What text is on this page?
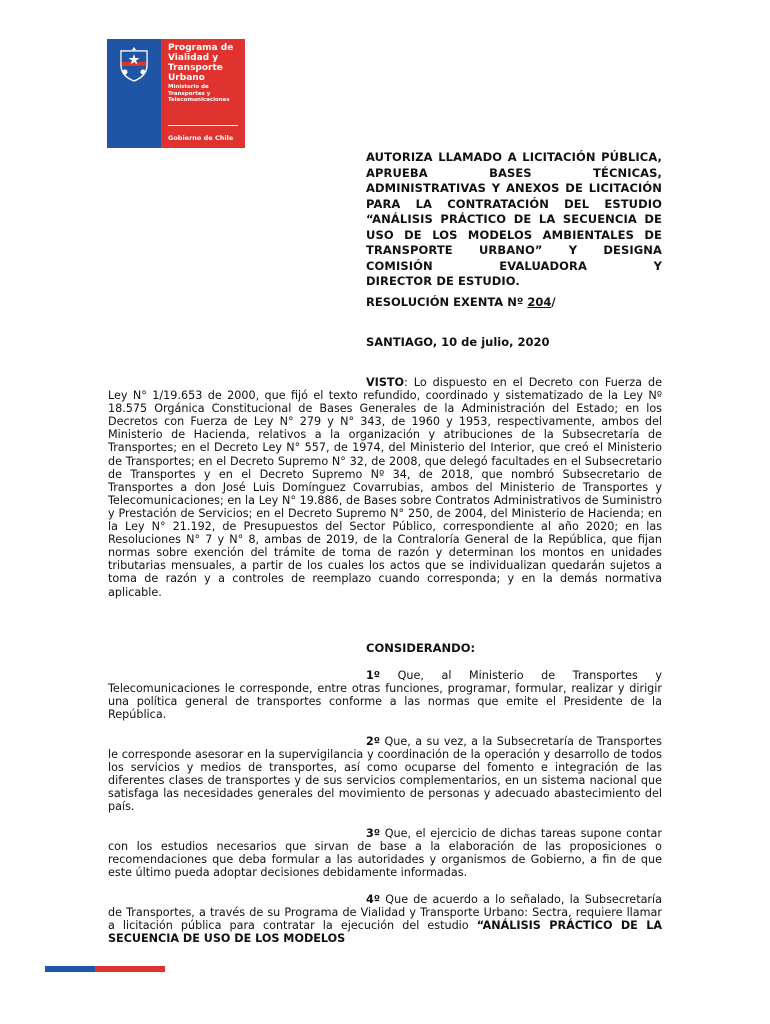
Programa de
Vialidad y
Transporte
Urbano
Ministerio de
Transportes y
Telecomunicaciones
Gobierno de Chile
AUTORIZA LLAMADO A LICITACIÓN PÚBLICA, APRUEBA BASES TÉCNICAS, ADMINISTRATIVAS Y ANEXOS DE LICITACIÓN PARA LA CONTRATACIÓN DEL ESTUDIO “ANÁLISIS PRÁCTICO DE LA SECUENCIA DE USO DE LOS MODELOS AMBIENTALES DE TRANSPORTE URBANO” Y DESIGNA COMISIÓN EVALUADORA Y
DIRECTOR DE ESTUDIO.
RESOLUCIÓN EXENTA Nº 204/
SANTIAGO, 10 de julio, 2020
VISTO: Lo dispuesto en el Decreto con Fuerza de Ley N° 1/19.653 de 2000, que fijó el texto refundido, coordinado y sistematizado de la Ley Nº 18.575 Orgánica Constitucional de Bases Generales de la Administración del Estado; en los Decretos con Fuerza de Ley N° 279 y N° 343, de 1960 y 1953, respectivamente, ambos del Ministerio de Hacienda, relativos a la organización y atribuciones de la Subsecretaría de Transportes; en el Decreto Ley N° 557, de 1974, del Ministerio del Interior, que creó el Ministerio de Transportes; en el Decreto Supremo N° 32, de 2008, que delegó facultades en el Subsecretario de Transportes y en el Decreto Supremo Nº 34, de 2018, que nombró Subsecretario de Transportes a don José Luis Domínguez Covarrubias, ambos del Ministerio de Transportes y Telecomunicaciones; en la Ley N° 19.886, de Bases sobre Contratos Administrativos de Suministro y Prestación de Servicios; en el Decreto Supremo N° 250, de 2004, del Ministerio de Hacienda; en la Ley N° 21.192, de Presupuestos del Sector Público, correspondiente al año 2020; en las Resoluciones N° 7 y N° 8, ambas de 2019, de la Contraloría General de la República, que fijan normas sobre exención del trámite de toma de razón y determinan los montos en unidades tributarias mensuales, a partir de los cuales los actos que se individualizan quedarán sujetos a toma de razón y a controles de reemplazo cuando corresponda; y en la demás normativa aplicable.
CONSIDERANDO:
1º Que, al Ministerio de Transportes y Telecomunicaciones le corresponde, entre otras funciones, programar, formular, realizar y dirigir una política general de transportes conforme a las normas que emite el Presidente de la República.
2º Que, a su vez, a la Subsecretaría de Transportes le corresponde asesorar en la supervigilancia y coordinación de la operación y desarrollo de todos los servicios y medios de transportes, así como ocuparse del fomento e integración de las diferentes clases de transportes y de sus servicios complementarios, en un sistema nacional que satisfaga las necesidades generales del movimiento de personas y adecuado abastecimiento del país.
3º Que, el ejercicio de dichas tareas supone contar con los estudios necesarios que sirvan de base a la elaboración de las proposiciones o recomendaciones que deba formular a las autoridades y organismos de Gobierno, a fin de que este último pueda adoptar decisiones debidamente informadas.
4º Que de acuerdo a lo señalado, la Subsecretaría de Transportes, a través de su Programa de Vialidad y Transporte Urbano: Sectra, requiere llamar a licitación pública para contratar la ejecución del estudio “ANÁLISIS PRÁCTICO DE LA SECUENCIA DE USO DE LOS MODELOS
